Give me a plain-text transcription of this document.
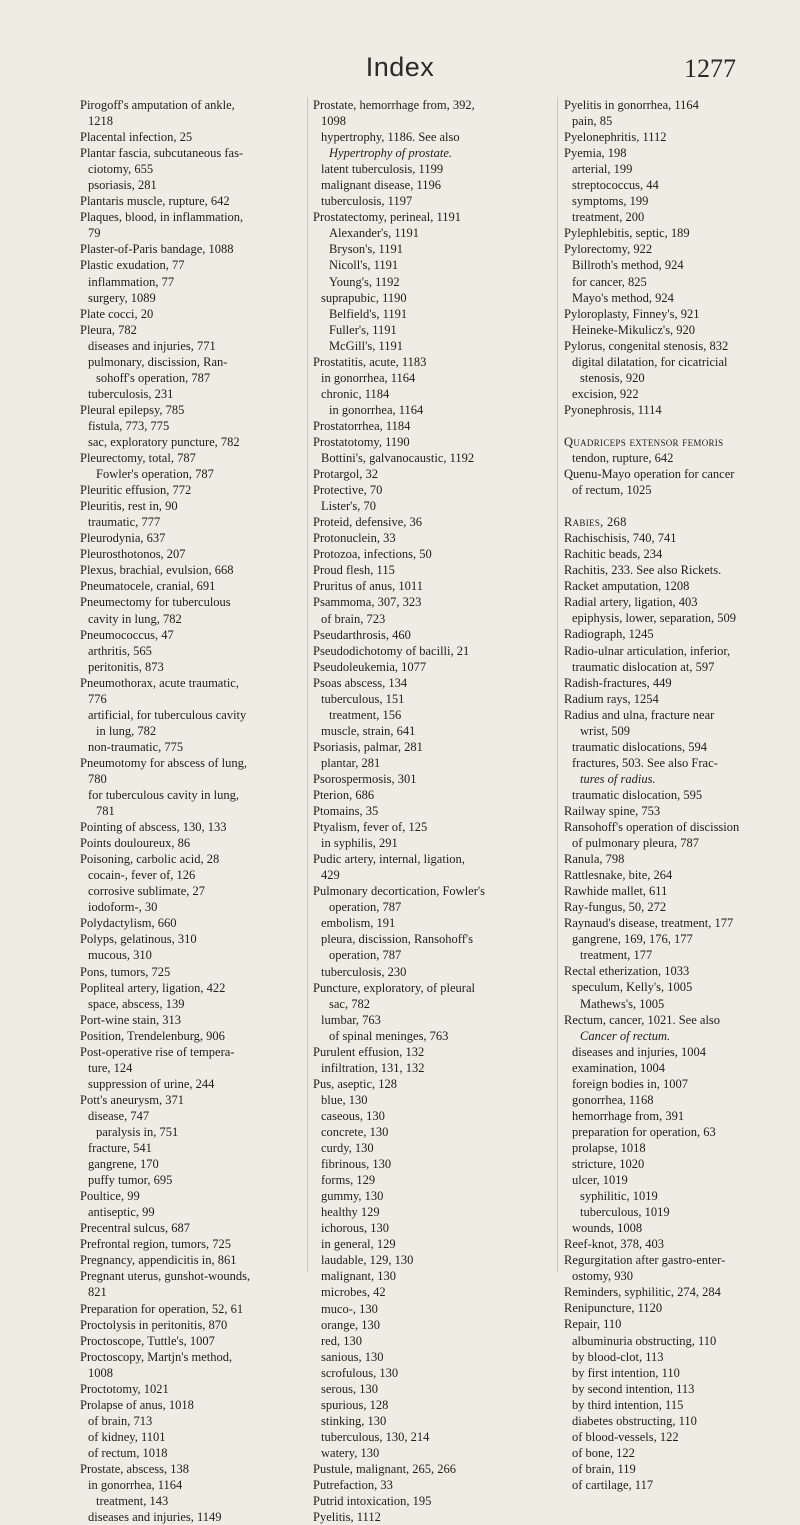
Index	1277
Pirogoff's amputation of ankle,
1218
Placental infection, 25
Plantar fascia, subcutaneous fas-
ciotomy, 655
psoriasis, 281
Plantaris muscle, rupture, 642
Plaques, blood, in inflammation,
79
Plaster-of-Paris bandage, 1088
Plastic exudation, 77
inflammation, 77
surgery, 1089
Plate cocci, 20
Pleura, 782
diseases and injuries, 771
pulmonary, discission, Ran-
sohoff's operation, 787
tuberculosis, 231
Pleural epilepsy, 785
fistula, 773, 775
sac, exploratory puncture, 782
Pleurectomy, total, 787
Fowler's operation, 787
Pleuritic effusion, 772
Pleuritis, rest in, 90
traumatic, 777
Pleurodynia, 637
Pleurosthotonos, 207
Plexus, brachial, evulsion, 668
Pneumatocele, cranial, 691
Pneumectomy for tuberculous
cavity in lung, 782
Pneumococcus, 47
arthritis, 565
peritonitis, 873
Pneumothorax, acute traumatic,
776
artificial, for tuberculous cavity
in lung, 782
non-traumatic, 775
Pneumotomy for abscess of lung,
780
for tuberculous cavity in lung,
781
Pointing of abscess, 130, 133
Points douloureux, 86
Poisoning, carbolic acid, 28
cocain-, fever of, 126
corrosive sublimate, 27
iodoform-, 30
Polydactylism, 660
Polyps, gelatinous, 310
mucous, 310
Pons, tumors, 725
Popliteal artery, ligation, 422
space, abscess, 139
Port-wine stain, 313
Position, Trendelenburg, 906
Post-operative rise of tempera-
ture, 124
suppression of urine, 244
Pott's aneurysm, 371
disease, 747
paralysis in, 751
fracture, 541
gangrene, 170
puffy tumor, 695
Poultice, 99
antiseptic, 99
Precentral sulcus, 687
Prefrontal region, tumors, 725
Pregnancy, appendicitis in, 861
Pregnant uterus, gunshot-wounds,
821
Preparation for operation, 52, 61
Proctolysis in peritonitis, 870
Proctoscope, Tuttle's, 1007
Proctoscopy, Martjn's method,
1008
Proctotomy, 1021
Prolapse of anus, 1018
of brain, 713
of kidney, 1101
of rectum, 1018
Prostate, abscess, 138
in gonorrhea, 1164
treatment, 143
diseases and injuries, 1149
Prostate, hemorrhage from, 392,
1098
hypertrophy, 1186. See also
Hypertrophy of prostate.
latent tuberculosis, 1199
malignant disease, 1196
tuberculosis, 1197
Prostatectomy, perineal, 1191
Alexander's, 1191
Bryson's, 1191
Nicoll's, 1191
Young's, 1192
suprapubic, 1190
Belfield's, 1191
Fuller's, 1191
McGill's, 1191
Prostatitis, acute, 1183
in gonorrhea, 1164
chronic, 1184
in gonorrhea, 1164
Prostatorrhea, 1184
Prostatotomy, 1190
Bottini's, galvanocaustic, 1192
Protargol, 32
Protective, 70
Lister's, 70
Proteid, defensive, 36
Protonuclein, 33
Protozoa, infections, 50
Proud flesh, 115
Pruritus of anus, 1011
Psammoma, 307, 323
of brain, 723
Pseudarthrosis, 460
Pseudodichotomy of bacilli, 21
Pseudoleukemia, 1077
Psoas abscess, 134
tuberculous, 151
treatment, 156
muscle, strain, 641
Psoriasis, palmar, 281
plantar, 281
Psorospermosis, 301
Pterion, 686
Ptomains, 35
Ptyalism, fever of, 125
in syphilis, 291
Pudic artery, internal, ligation,
429
Pulmonary decortication, Fowler's
operation, 787
embolism, 191
pleura, discission, Ransohoff's
operation, 787
tuberculosis, 230
Puncture, exploratory, of pleural
sac, 782
lumbar, 763
of spinal meninges, 763
Purulent effusion, 132
infiltration, 131, 132
Pus, aseptic, 128
blue, 130
caseous, 130
concrete, 130
curdy, 130
fibrinous, 130
forms, 129
gummy, 130
healthy 129
ichorous, 130
in general, 129
laudable, 129, 130
malignant, 130
microbes, 42
muco-, 130
orange, 130
red, 130
sanious, 130
scrofulous, 130
serous, 130
spurious, 128
stinking, 130
tuberculous, 130, 214
watery, 130
Pustule, malignant, 265, 266
Putrefaction, 33
Putrid intoxication, 195
Pyelitis, 1112
Pyelitis in gonorrhea, 1164
pain, 85
Pyelonephritis, 1112
Pyemia, 198
arterial, 199
streptococcus, 44
symptoms, 199
treatment, 200
Pylephlebitis, septic, 189
Pylorectomy, 922
Billroth's method, 924
for cancer, 825
Mayo's method, 924
Pyloroplasty, Finney's, 921
Heineke-Mikulicz's, 920
Pylorus, congenital stenosis, 832
digital dilatation, for cicatricial
stenosis, 920
excision, 922
Pyonephrosis, 1114
Quadriceps extensor femoris
tendon, rupture, 642
Quenu-Mayo operation for cancer
of rectum, 1025
Rabies, 268
Rachischisis, 740, 741
Rachitic beads, 234
Rachitis, 233. See also Rickets.
Racket amputation, 1208
Radial artery, ligation, 403
epiphysis, lower, separation, 509
Radiograph, 1245
Radio-ulnar articulation, inferior,
traumatic dislocation at, 597
Radish-fractures, 449
Radium rays, 1254
Radius and ulna, fracture near
wrist, 509
traumatic dislocations, 594
fractures, 503. See also Frac-
tures of radius.
traumatic dislocation, 595
Railway spine, 753
Ransohoff's operation of discission
of pulmonary pleura, 787
Ranula, 798
Rattlesnake, bite, 264
Rawhide mallet, 611
Ray-fungus, 50, 272
Raynaud's disease, treatment, 177
gangrene, 169, 176, 177
treatment, 177
Rectal etherization, 1033
speculum, Kelly's, 1005
Mathews's, 1005
Rectum, cancer, 1021. See also
Cancer of rectum.
diseases and injuries, 1004
examination, 1004
foreign bodies in, 1007
gonorrhea, 1168
hemorrhage from, 391
preparation for operation, 63
prolapse, 1018
stricture, 1020
ulcer, 1019
syphilitic, 1019
tuberculous, 1019
wounds, 1008
Reef-knot, 378, 403
Regurgitation after gastro-enter-
ostomy, 930
Reminders, syphilitic, 274, 284
Renipuncture, 1120
Repair, 110
albuminuria obstructing, 110
by blood-clot, 113
by first intention, 110
by second intention, 113
by third intention, 115
diabetes obstructing, 110
of blood-vessels, 122
of bone, 122
of brain, 119
of cartilage, 117
